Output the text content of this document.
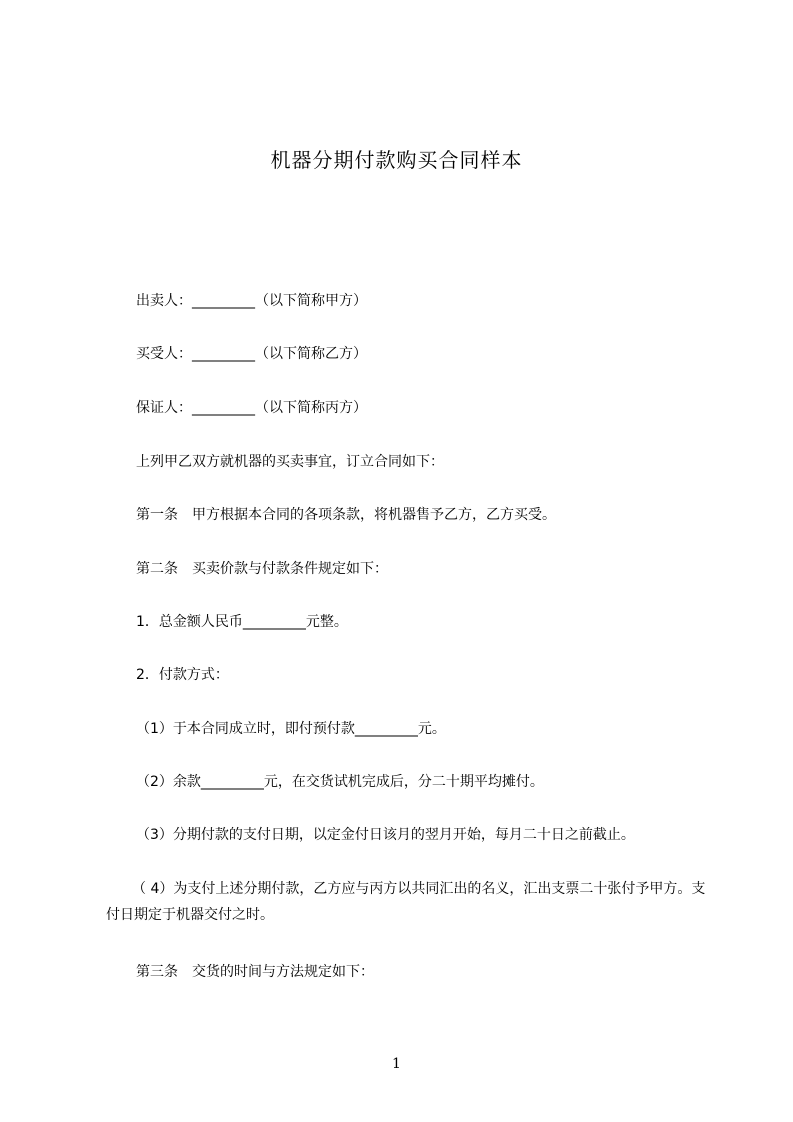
机器分期付款购买合同样本
出卖人：_________（以下简称甲方）
买受人：_________（以下简称乙方）
保证人：_________（以下简称丙方）
上列甲乙双方就机器的买卖事宜，订立合同如下：
第一条　甲方根据本合同的各项条款，将机器售予乙方，乙方买受。
第二条　买卖价款与付款条件规定如下：
1．总金额人民币_________元整。
2．付款方式：
（1）于本合同成立时，即付预付款_________元。
（2）余款_________元，在交货试机完成后，分二十期平均摊付。
（3）分期付款的支付日期，以定金付日该月的翌月开始，每月二十日之前截止。
（ 4）为支付上述分期付款，乙方应与丙方以共同汇出的名义，汇出支票二十张付予甲方。支付日期定于机器交付之时。
第三条　交货的时间与方法规定如下：
1
